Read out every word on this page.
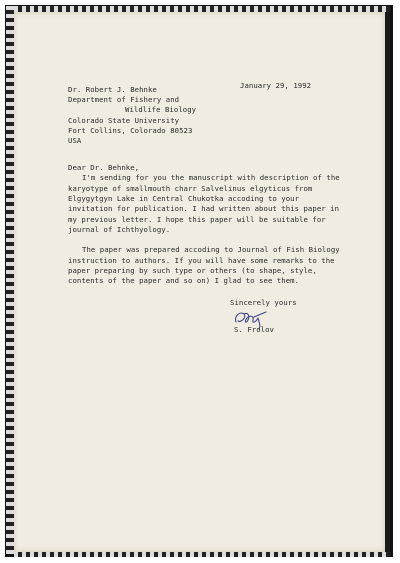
January 29, 1992
Dr. Robert J. Behnke
Department of Fishery and
Wildlife Biology
Colorado State University
Fort Collins, Colorado 80523
USA
Dear Dr. Behnke,
I'm sending for you the manuscript with description of the
karyotype of smallmouth charr Salvelinus elgyticus from
Elgygytgyn Lake in Central Chukotka accoding to your
invitation for publication. I had written about this paper in
my previous letter. I hope this paper will be suitable for
journal of Ichthyology.
The paper was prepared accoding to Journal of Fish Biology
instruction to authors. If you will have some remarks to the
paper preparing by such type or others (to shape, style,
contents of the paper and so on) I glad to see them.
Sincerely yours
S. Frolov
